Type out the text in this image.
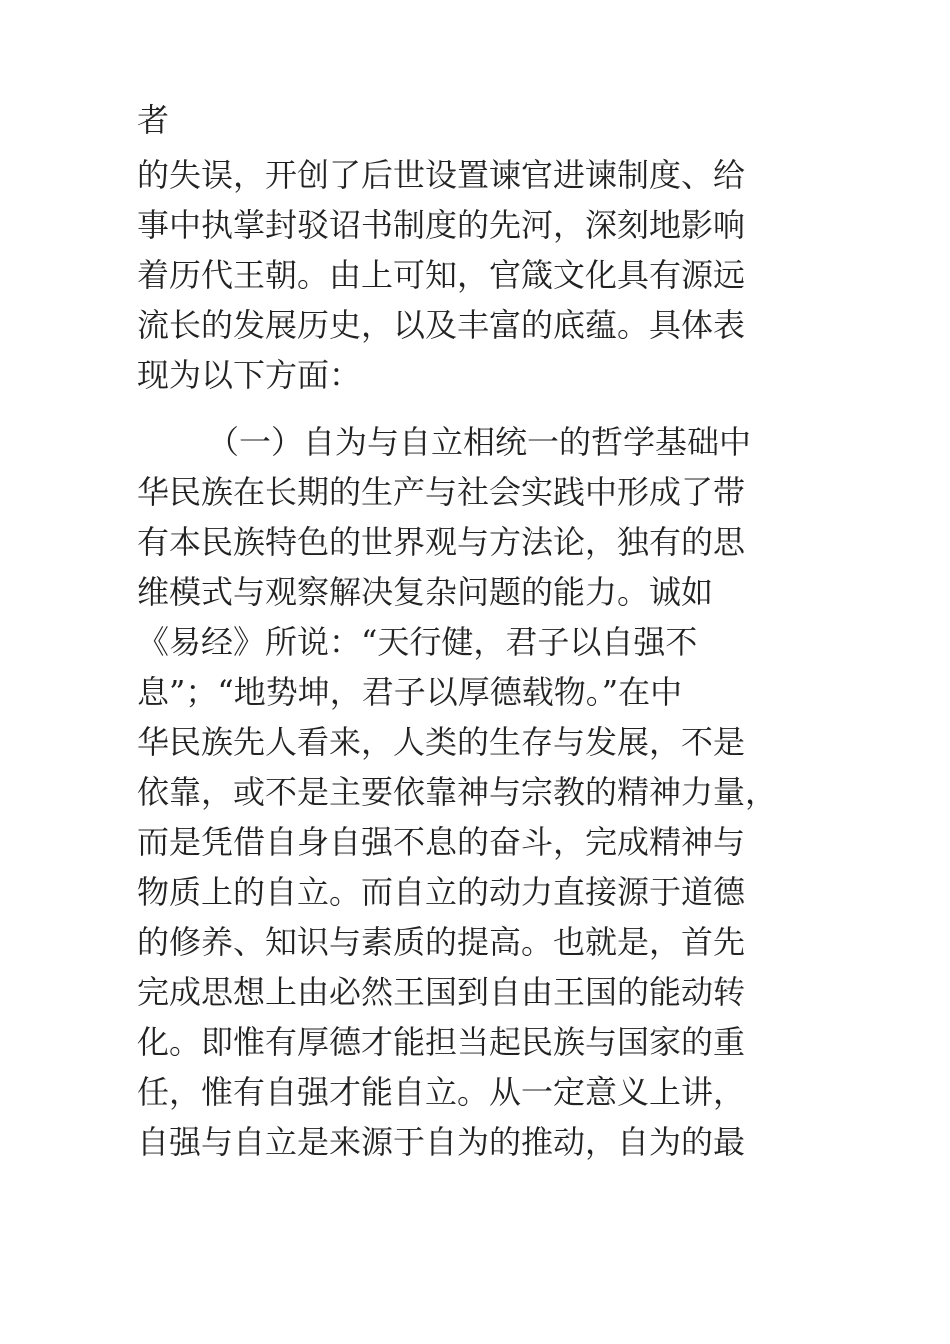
者
的失误，开创了后世设置谏官进谏制度、给
事中执掌封驳诏书制度的先河，深刻地影响
着历代王朝。由上可知，官箴文化具有源远
流长的发展历史，以及丰富的底蕴。具体表
现为以下方面：
（一）自为与自立相统一的哲学基础中
华民族在长期的生产与社会实践中形成了带
有本民族特色的世界观与方法论，独有的思
维模式与观察解决复杂问题的能力。诚如
《易经》所说：“天行健，君子以自强不
息”；“地势坤，君子以厚德载物。”在中
华民族先人看来，人类的生存与发展，不是
依靠，或不是主要依靠神与宗教的精神力量，
而是凭借自身自强不息的奋斗，完成精神与
物质上的自立。而自立的动力直接源于道德
的修养、知识与素质的提高。也就是，首先
完成思想上由必然王国到自由王国的能动转
化。即惟有厚德才能担当起民族与国家的重
任，惟有自强才能自立。从一定意义上讲，
自强与自立是来源于自为的推动，自为的最
